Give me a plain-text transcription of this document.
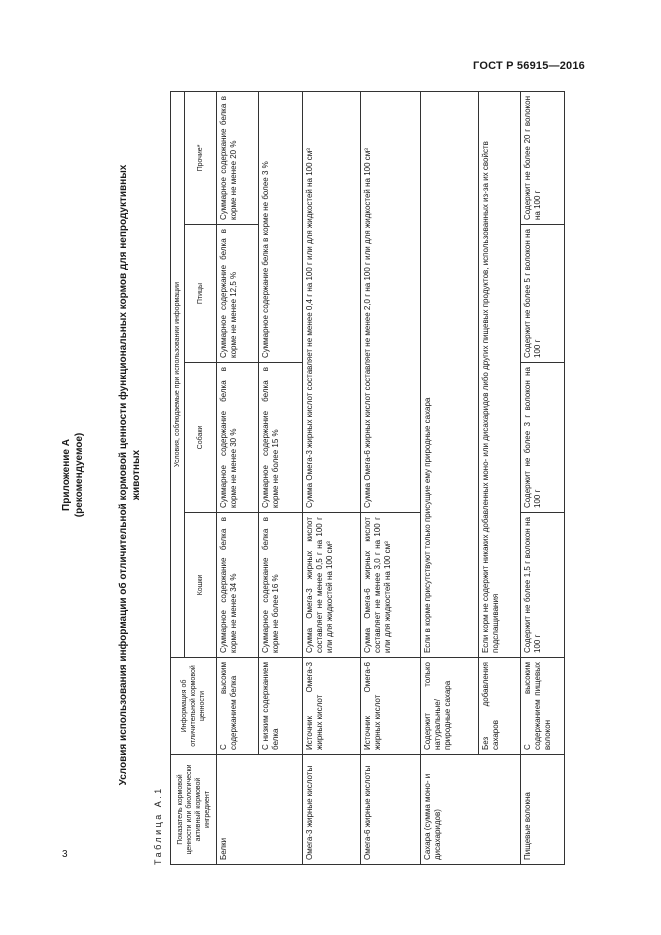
ГОСТ Р 56915—2016
3
Приложение А (рекомендуемое)	Условия использования информации об отличительной кормовой ценности функциональных кормов для непродуктивных животных
Таблица А.1 Показатель кормовой ценности или биологически активный кормовой ингредиент	Информация об отличительной кормовой ценности	Условия, соблюдаемые при использовании информации			
		Кошки	Собаки	Птицы	Прочие*
Белки	С высоким содержанием белка	Суммарное содержание белка в корме не менее 34 %	Суммарное содержание белка в корме не менее 30 %	Суммарное содержание белка в корме не менее 12,5 %	Суммарное содержание белка в корме не менее 20 %
	С низким содержанием белка	Суммарное содержание белка в корме не более 16 %	Суммарное содержание белка в корме не более 15 %	Суммарное содержание белка в корме не более 3 %	
Омега-3 жирные кислоты	Источник Омега-3 жирных кислот	Сумма Омега-3 жирных кислот составляет не менее 0,5 г на 100 г или для жидкостей на 100 см³	Сумма Омега-3 жирных кислот составляет не менее 0,4 г на 100 г или для жидкостей на 100 см³		
Омега-6 жирные кислоты	Источник Омега-6 жирных кислот	Сумма Омега-6 жирных кислот составляет не менее 3,0 г на 100 г или для жидкостей на 100 см³	Сумма Омега-6 жирных кислот составляет не менее 2,0 г на 100 г или для жидкостей на 100 см³		
Сахара (сумма моно- и дисахаридов)	Содержит только натуральные/природные сахара	Если в корме присутствуют только присущие ему природные сахара			
	Без добавления сахаров	Если корм не содержит никаких добавленных моно- или дисахаридов либо других пищевых продуктов, использованных из-за их свойств подслащивания			
Пищевые волокна	С высоким содержанием пищевых волокон	Содержит не более 1,5 г волокон на 100 г	Содержит не более 3 г волокон на 100 г	Содержит не более 5 г волокон на 100 г	Содержит не более 20 г волокон на 100 г
